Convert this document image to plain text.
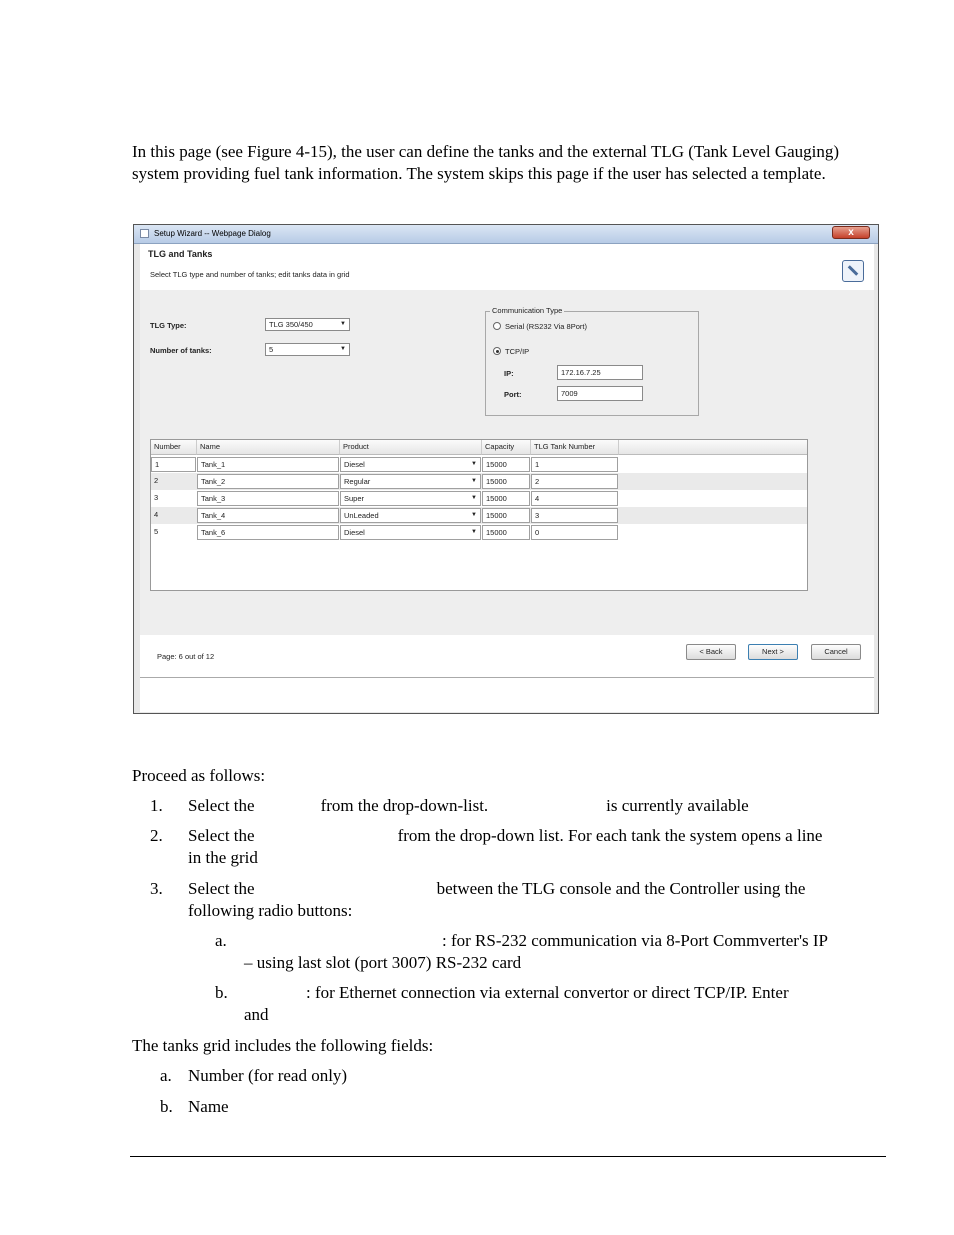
In this page (see Figure 4-15), the user can define the tanks and the external TLG (Tank Level Gauging) system providing fuel tank information. The system skips this page if the user has selected a template.
Setup Wizard -- Webpage Dialog	x
TLG and Tanks
Select TLG type and number of tanks; edit tanks data in grid
TLG Type:	TLG 350/450	▼
Number of tanks:	5	▼
Communication Type
Serial (RS232 Via 8Port)
TCP/IP
IP:	172.16.7.25
Port:	7009
Number	Name	Product	Capacity	TLG Tank Number
1	Tank_1	Diesel	▼	15000	1
2	Tank_2	Regular	▼	15000	2
3	Tank_3	Super	▼	15000	4
4	Tank_4	UnLeaded	▼	15000	3
5	Tank_6	Diesel	▼	15000	0
Page: 6 out of 12
< Back	Next >	Cancel
Proceed as follows:
1.	Select the	from the drop-down-list.	is currently available
2. Select the	from the drop-down list. For each tank the system opens a line
in the grid
3. Select the	between the TLG console and the Controller using the
following radio buttons:
a.	: for RS-232 communication via 8-Port Commverter's IP
– using last slot (port 3007) RS-232 card
b.	: for Ethernet connection via external convertor or direct TCP/IP. Enter
and
The tanks grid includes the following fields:
a. Number (for read only)
b. Name
